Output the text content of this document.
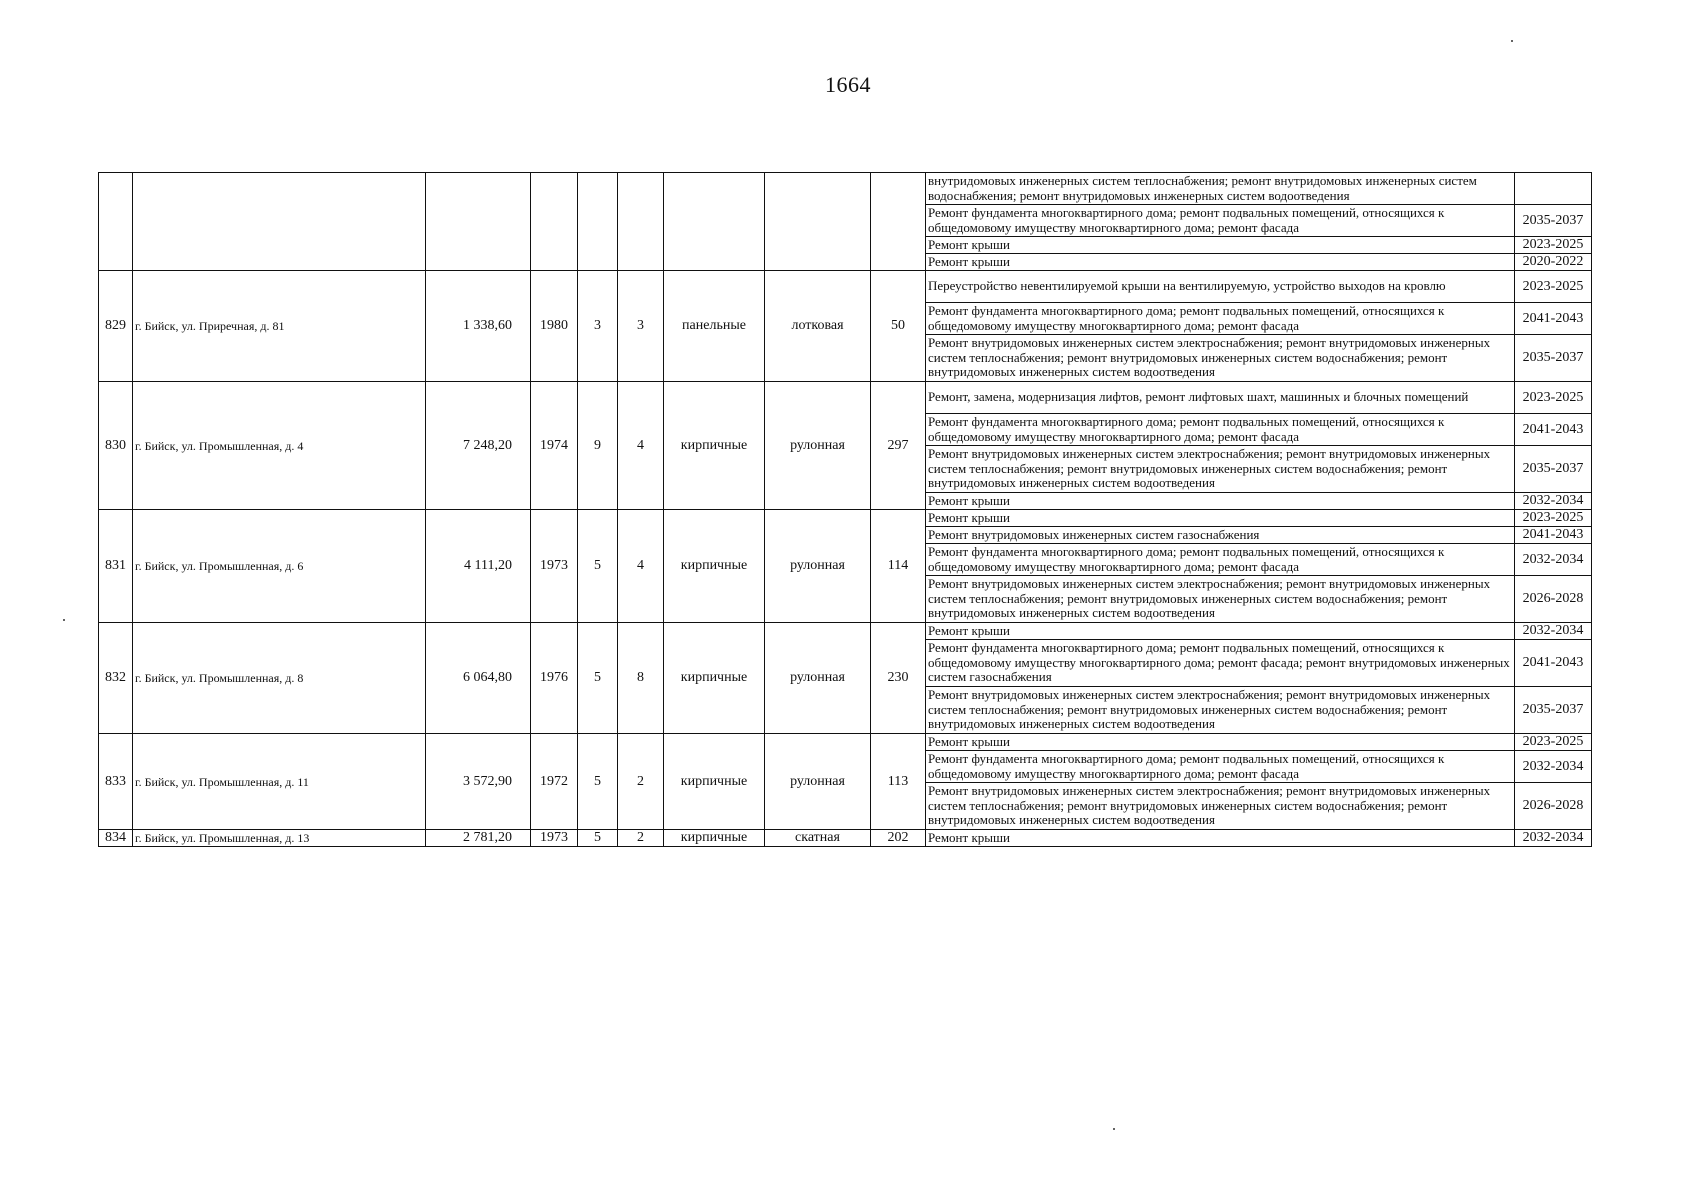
1664
									внутридомовых инженерных систем теплоснабжения; ремонт внутридомовых инженерных систем водоснабжения; ремонт внутридомовых инженерных систем водоотведения	
									Ремонт фундамента многоквартирного дома; ремонт подвальных помещений, относящихся к общедомовому имуществу многоквартирного дома; ремонт фасада	2035-2037
									Ремонт крыши	2023-2025
									Ремонт крыши	2020-2022
829	г. Бийск, ул. Приречная, д. 81	1 338,60	1980	3	3	панельные	лотковая	50	Переустройство невентилируемой крыши на вентилируемую, устройство выходов на кровлю	2023-2025
									Ремонт фундамента многоквартирного дома; ремонт подвальных помещений, относящихся к общедомовому имуществу многоквартирного дома; ремонт фасада	2041-2043
									Ремонт внутридомовых инженерных систем электроснабжения; ремонт внутридомовых инженерных систем теплоснабжения; ремонт внутридомовых инженерных систем водоснабжения; ремонт внутридомовых инженерных систем водоотведения	2035-2037
830	г. Бийск, ул. Промышленная, д. 4	7 248,20	1974	9	4	кирпичные	рулонная	297	Ремонт, замена, модернизация лифтов, ремонт лифтовых шахт, машинных и блочных помещений	2023-2025
									Ремонт фундамента многоквартирного дома; ремонт подвальных помещений, относящихся к общедомовому имуществу многоквартирного дома; ремонт фасада	2041-2043
									Ремонт внутридомовых инженерных систем электроснабжения; ремонт внутридомовых инженерных систем теплоснабжения; ремонт внутридомовых инженерных систем водоснабжения; ремонт внутридомовых инженерных систем водоотведения	2035-2037
									Ремонт крыши	2032-2034
831	г. Бийск, ул. Промышленная, д. 6	4 111,20	1973	5	4	кирпичные	рулонная	114	Ремонт крыши	2023-2025
									Ремонт внутридомовых инженерных систем газоснабжения	2041-2043
									Ремонт фундамента многоквартирного дома; ремонт подвальных помещений, относящихся к общедомовому имуществу многоквартирного дома; ремонт фасада	2032-2034
									Ремонт внутридомовых инженерных систем электроснабжения; ремонт внутридомовых инженерных систем теплоснабжения; ремонт внутридомовых инженерных систем водоснабжения; ремонт внутридомовых инженерных систем водоотведения	2026-2028
832	г. Бийск, ул. Промышленная, д. 8	6 064,80	1976	5	8	кирпичные	рулонная	230	Ремонт крыши	2032-2034
									Ремонт фундамента многоквартирного дома; ремонт подвальных помещений, относящихся к общедомовому имуществу многоквартирного дома; ремонт фасада; ремонт внутридомовых инженерных систем газоснабжения	2041-2043
									Ремонт внутридомовых инженерных систем электроснабжения; ремонт внутридомовых инженерных систем теплоснабжения; ремонт внутридомовых инженерных систем водоснабжения; ремонт внутридомовых инженерных систем водоотведения	2035-2037
833	г. Бийск, ул. Промышленная, д. 11	3 572,90	1972	5	2	кирпичные	рулонная	113	Ремонт крыши	2023-2025
									Ремонт фундамента многоквартирного дома; ремонт подвальных помещений, относящихся к общедомовому имуществу многоквартирного дома; ремонт фасада	2032-2034
									Ремонт внутридомовых инженерных систем электроснабжения; ремонт внутридомовых инженерных систем теплоснабжения; ремонт внутридомовых инженерных систем водоснабжения; ремонт внутридомовых инженерных систем водоотведения	2026-2028
834	г. Бийск, ул. Промышленная, д. 13	2 781,20	1973	5	2	кирпичные	скатная	202	Ремонт крыши	2032-2034
